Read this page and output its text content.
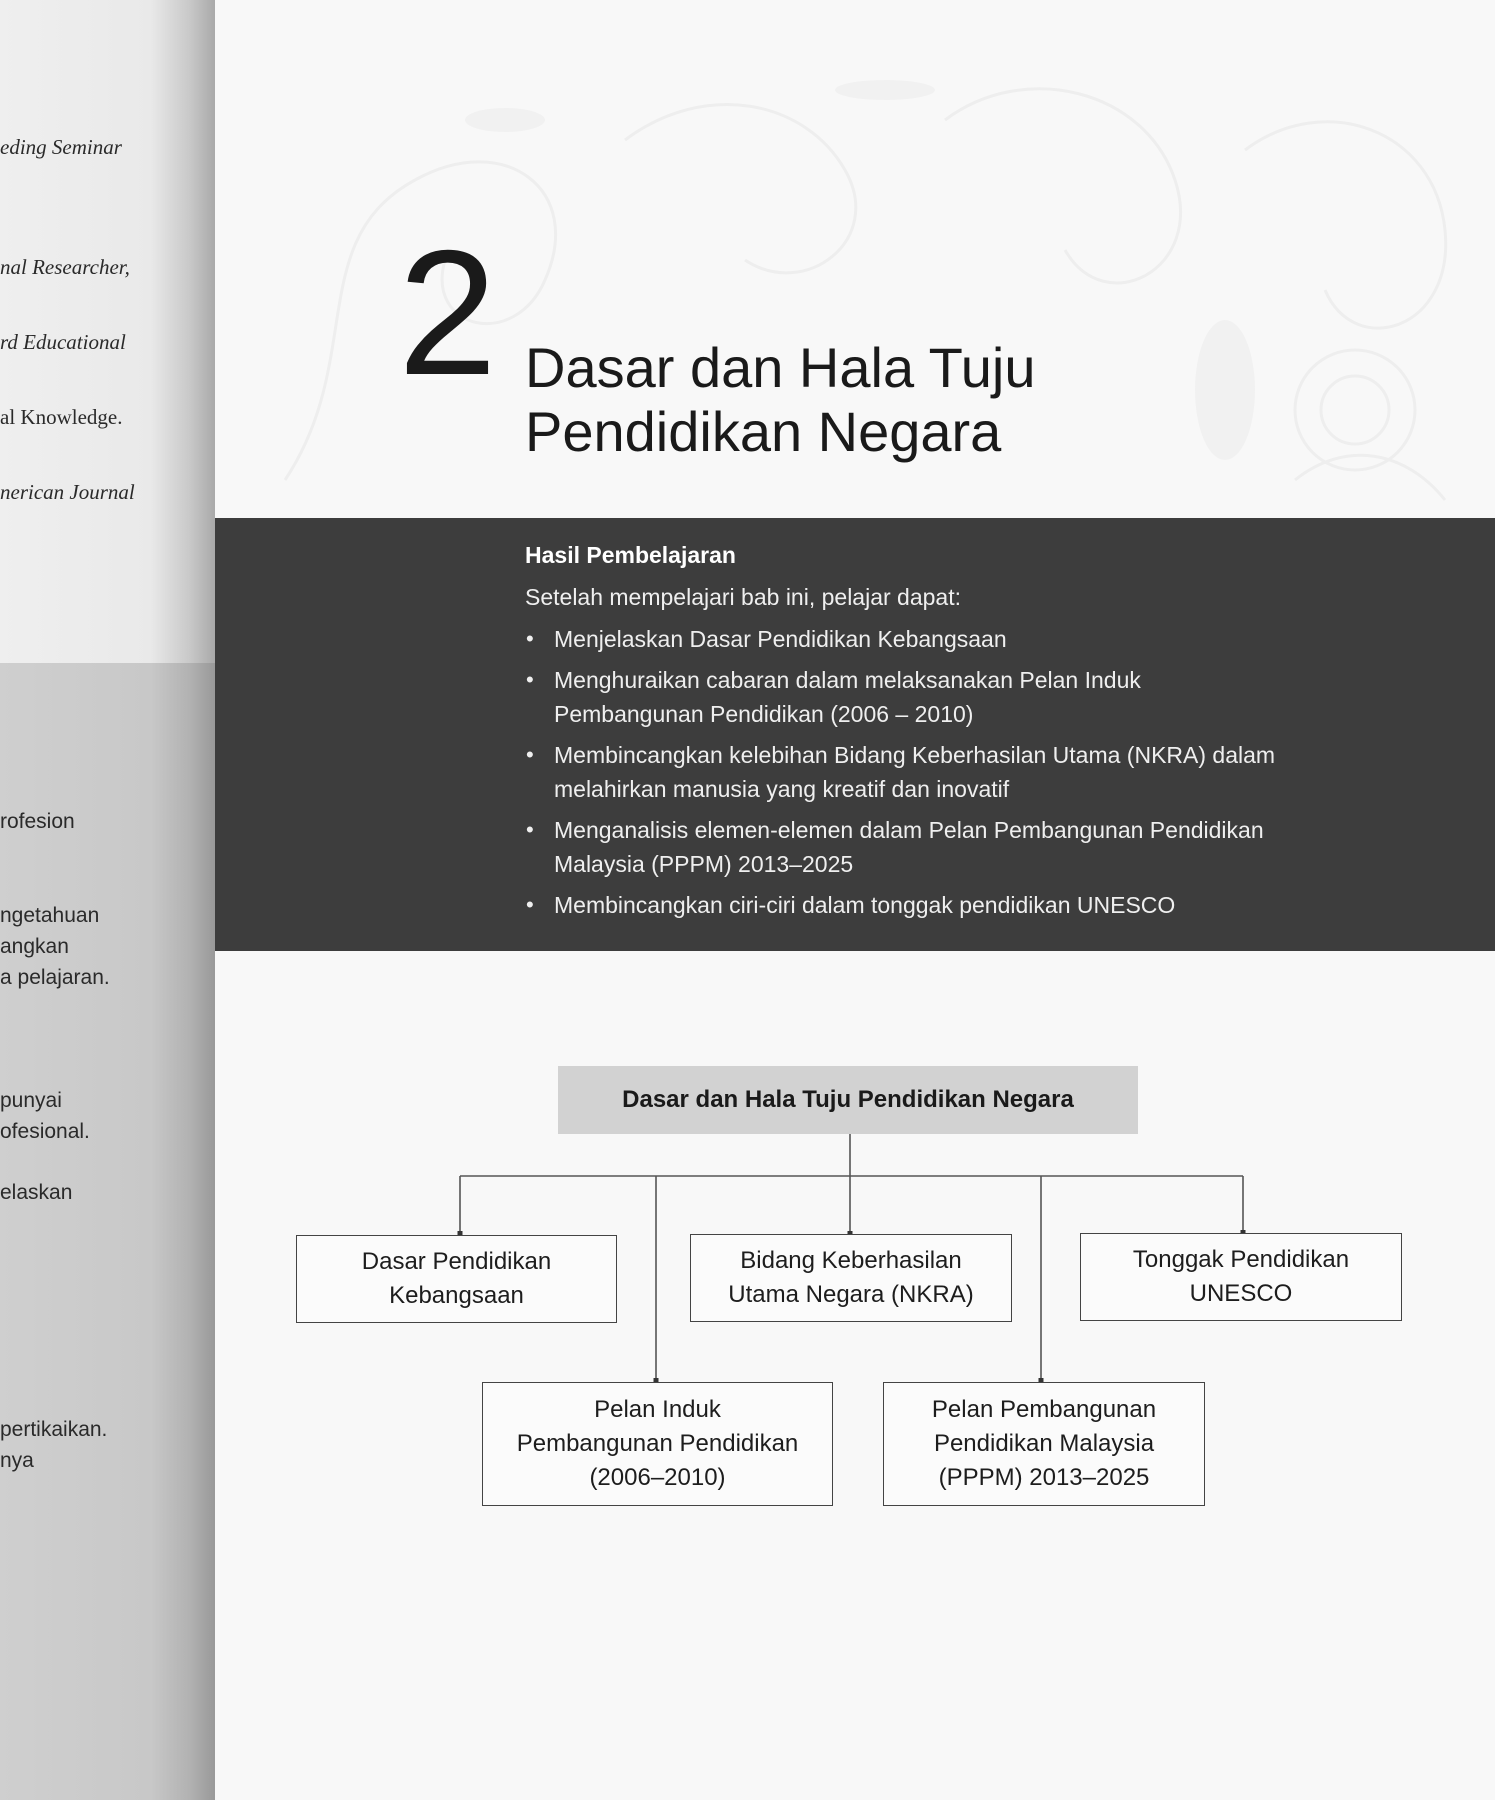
eding Seminar
nal Researcher,
rd Educational
al Knowledge.
nerican Journal
rofesion
ngetahuan
angkan
a pelajaran.
punyai
ofesional.
elaskan
pertikaikan.
nya
2 Dasar dan Hala Tuju
Pendidikan Negara
Hasil Pembelajaran
Setelah mempelajari bab ini, pelajar dapat:
• Menjelaskan Dasar Pendidikan Kebangsaan
• Menghuraikan cabaran dalam melaksanakan Pelan Induk
Pembangunan Pendidikan (2006 – 2010)
• Membincangkan kelebihan Bidang Keberhasilan Utama (NKRA) dalam
melahirkan manusia yang kreatif dan inovatif
• Menganalisis elemen-elemen dalam Pelan Pembangunan Pendidikan
Malaysia (PPPM) 2013–2025
• Membincangkan ciri-ciri dalam tonggak pendidikan UNESCO
Dasar dan Hala Tuju Pendidikan Negara
Dasar Pendidikan
Kebangsaan
Bidang Keberhasilan
Utama Negara (NKRA)
Tonggak Pendidikan
UNESCO
Pelan Induk
Pembangunan Pendidikan
(2006–2010)
Pelan Pembangunan
Pendidikan Malaysia
(PPPM) 2013–2025
